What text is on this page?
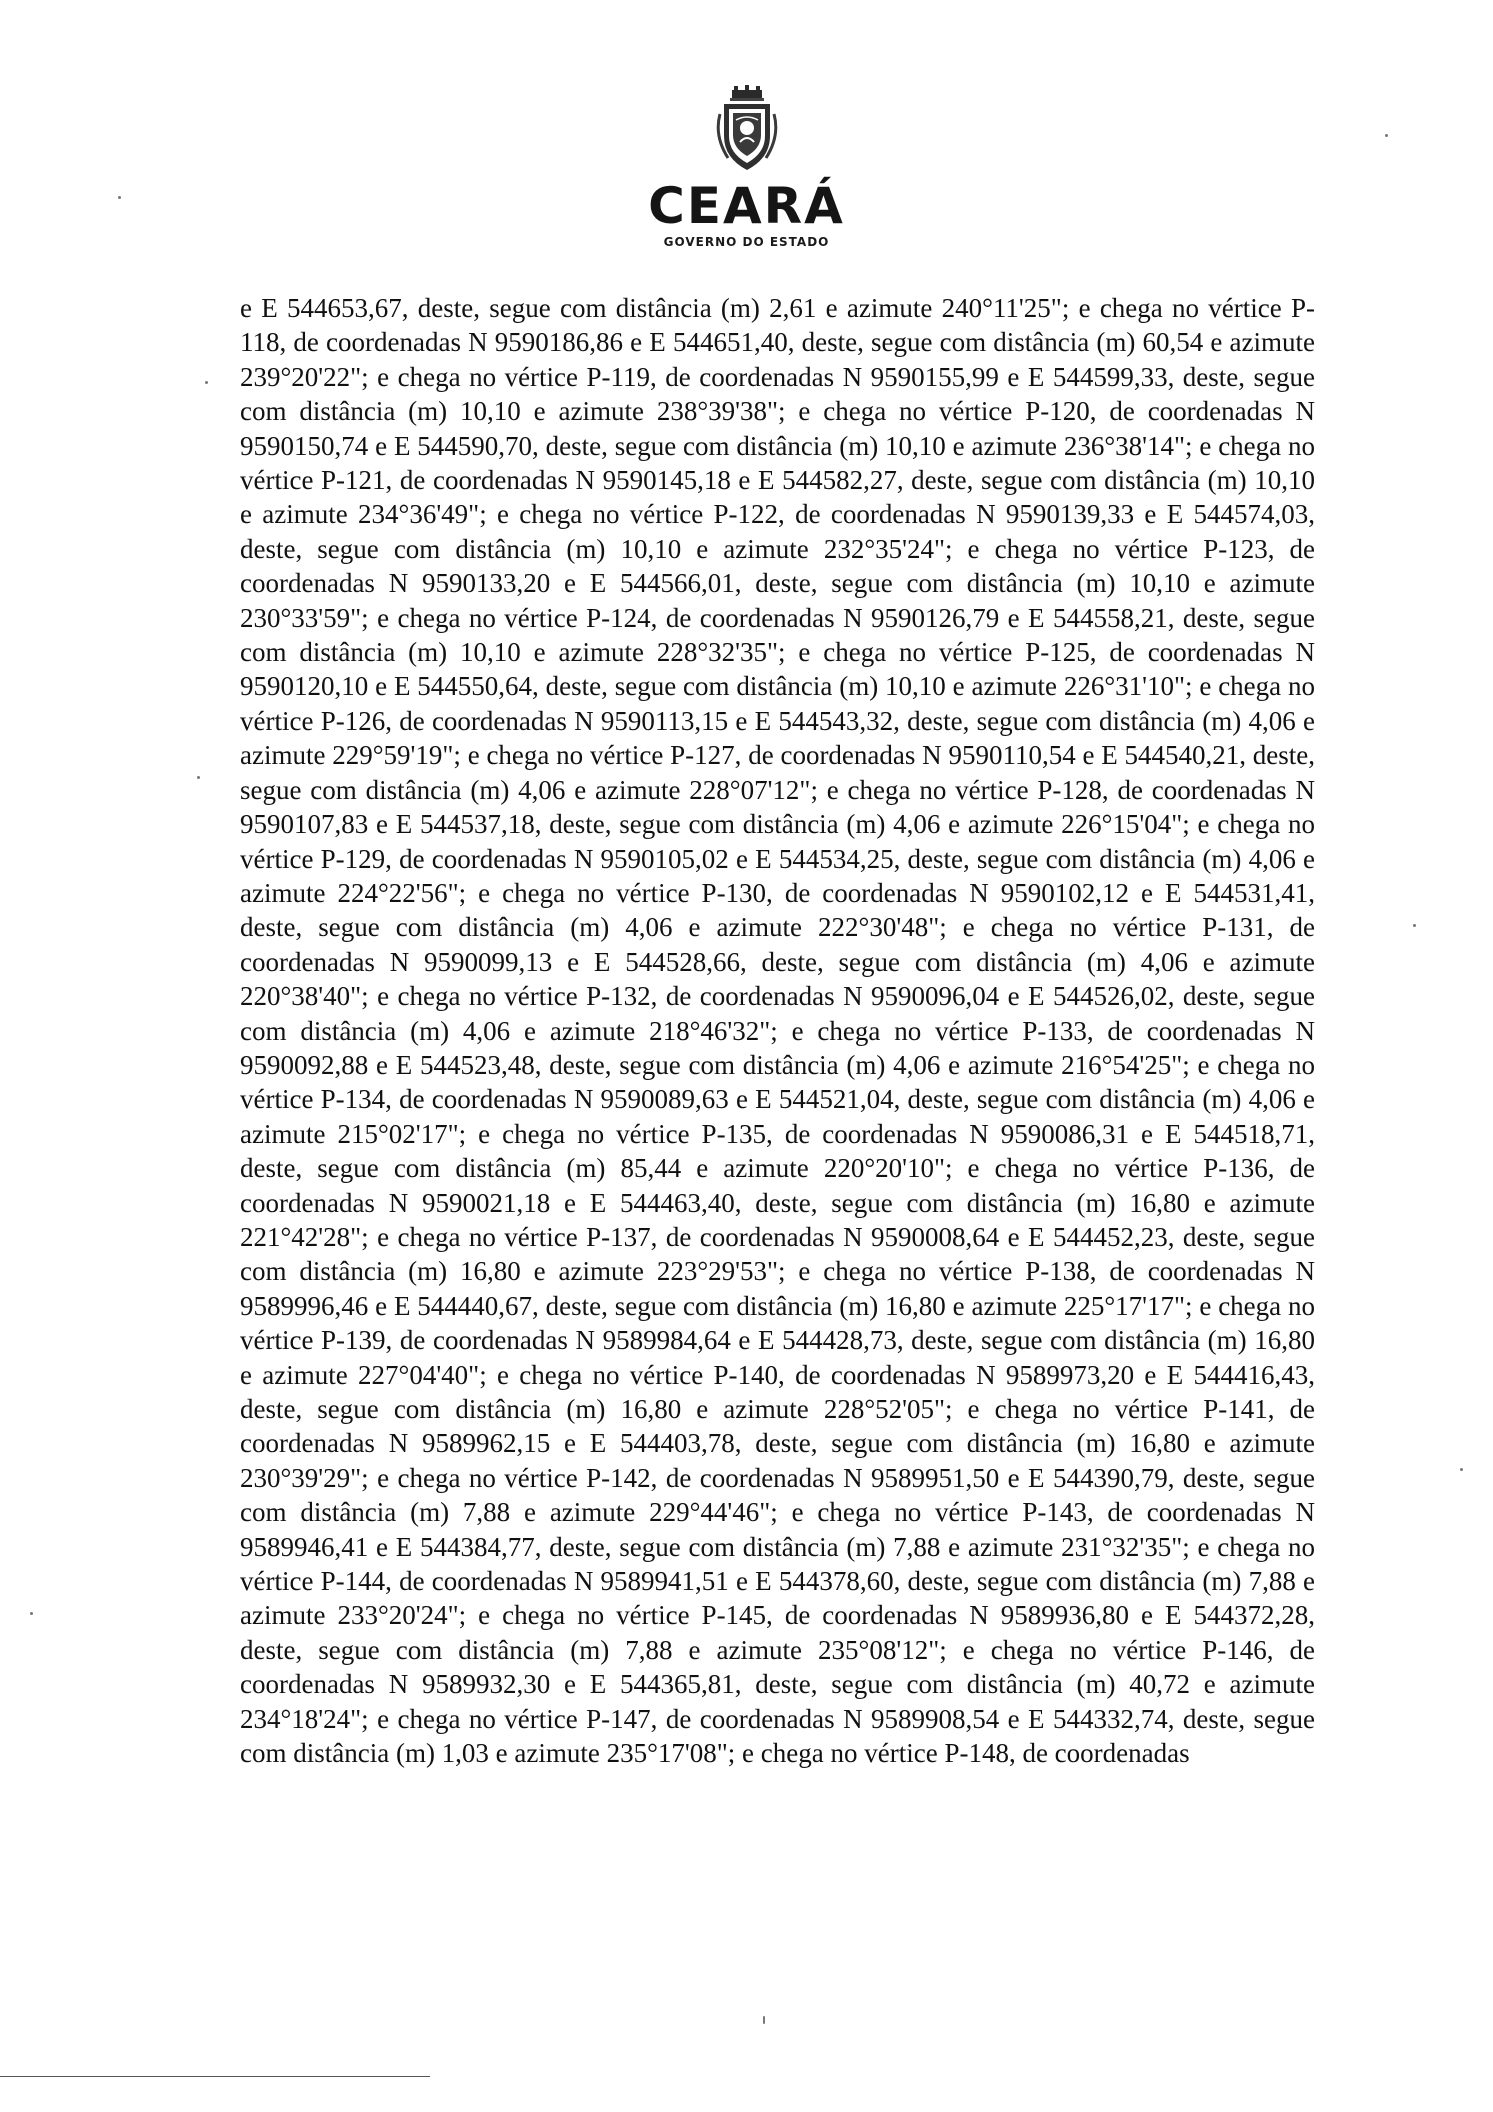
CEARÁ
GOVERNO DO ESTADO

e E 544653,67, deste, segue com distância (m) 2,61 e azimute 240°11'25"; e chega no vértice P-118, de coordenadas N 9590186,86 e E 544651,40, deste, segue com distância (m) 60,54 e azimute 239°20'22"; e chega no vértice P-119, de coordenadas N 9590155,99 e E 544599,33, deste, segue com distância (m) 10,10 e azimute 238°39'38"; e chega no vértice P-120, de coordenadas N 9590150,74 e E 544590,70, deste, segue com distância (m) 10,10 e azimute 236°38'14"; e chega no vértice P-121, de coordenadas N 9590145,18 e E 544582,27, deste, segue com distância (m) 10,10 e azimute 234°36'49"; e chega no vértice P-122, de coordenadas N 9590139,33 e E 544574,03, deste, segue com distância (m) 10,10 e azimute 232°35'24"; e chega no vértice P-123, de coordenadas N 9590133,20 e E 544566,01, deste, segue com distância (m) 10,10 e azimute 230°33'59"; e chega no vértice P-124, de coordenadas N 9590126,79 e E 544558,21, deste, segue com distância (m) 10,10 e azimute 228°32'35"; e chega no vértice P-125, de coordenadas N 9590120,10 e E 544550,64, deste, segue com distância (m) 10,10 e azimute 226°31'10"; e chega no vértice P-126, de coordenadas N 9590113,15 e E 544543,32, deste, segue com distância (m) 4,06 e azimute 229°59'19"; e chega no vértice P-127, de coordenadas N 9590110,54 e E 544540,21, deste, segue com distância (m) 4,06 e azimute 228°07'12"; e chega no vértice P-128, de coordenadas N 9590107,83 e E 544537,18, deste, segue com distância (m) 4,06 e azimute 226°15'04"; e chega no vértice P-129, de coordenadas N 9590105,02 e E 544534,25, deste, segue com distância (m) 4,06 e azimute 224°22'56"; e chega no vértice P-130, de coordenadas N 9590102,12 e E 544531,41, deste, segue com distância (m) 4,06 e azimute 222°30'48"; e chega no vértice P-131, de coordenadas N 9590099,13 e E 544528,66, deste, segue com distância (m) 4,06 e azimute 220°38'40"; e chega no vértice P-132, de coordenadas N 9590096,04 e E 544526,02, deste, segue com distância (m) 4,06 e azimute 218°46'32"; e chega no vértice P-133, de coordenadas N 9590092,88 e E 544523,48, deste, segue com distância (m) 4,06 e azimute 216°54'25"; e chega no vértice P-134, de coordenadas N 9590089,63 e E 544521,04, deste, segue com distância (m) 4,06 e azimute 215°02'17"; e chega no vértice P-135, de coordenadas N 9590086,31 e E 544518,71, deste, segue com distância (m) 85,44 e azimute 220°20'10"; e chega no vértice P-136, de coordenadas N 9590021,18 e E 544463,40, deste, segue com distância (m) 16,80 e azimute 221°42'28"; e chega no vértice P-137, de coordenadas N 9590008,64 e E 544452,23, deste, segue com distância (m) 16,80 e azimute 223°29'53"; e chega no vértice P-138, de coordenadas N 9589996,46 e E 544440,67, deste, segue com distância (m) 16,80 e azimute 225°17'17"; e chega no vértice P-139, de coordenadas N 9589984,64 e E 544428,73, deste, segue com distância (m) 16,80 e azimute 227°04'40"; e chega no vértice P-140, de coordenadas N 9589973,20 e E 544416,43, deste, segue com distância (m) 16,80 e azimute 228°52'05"; e chega no vértice P-141, de coordenadas N 9589962,15 e E 544403,78, deste, segue com distância (m) 16,80 e azimute 230°39'29"; e chega no vértice P-142, de coordenadas N 9589951,50 e E 544390,79, deste, segue com distância (m) 7,88 e azimute 229°44'46"; e chega no vértice P-143, de coordenadas N 9589946,41 e E 544384,77, deste, segue com distância (m) 7,88 e azimute 231°32'35"; e chega no vértice P-144, de coordenadas N 9589941,51 e E 544378,60, deste, segue com distância (m) 7,88 e azimute 233°20'24"; e chega no vértice P-145, de coordenadas N 9589936,80 e E 544372,28, deste, segue com distância (m) 7,88 e azimute 235°08'12"; e chega no vértice P-146, de coordenadas N 9589932,30 e E 544365,81, deste, segue com distância (m) 40,72 e azimute 234°18'24"; e chega no vértice P-147, de coordenadas N 9589908,54 e E 544332,74, deste, segue com distância (m) 1,03 e azimute 235°17'08"; e chega no vértice P-148, de coordenadas
